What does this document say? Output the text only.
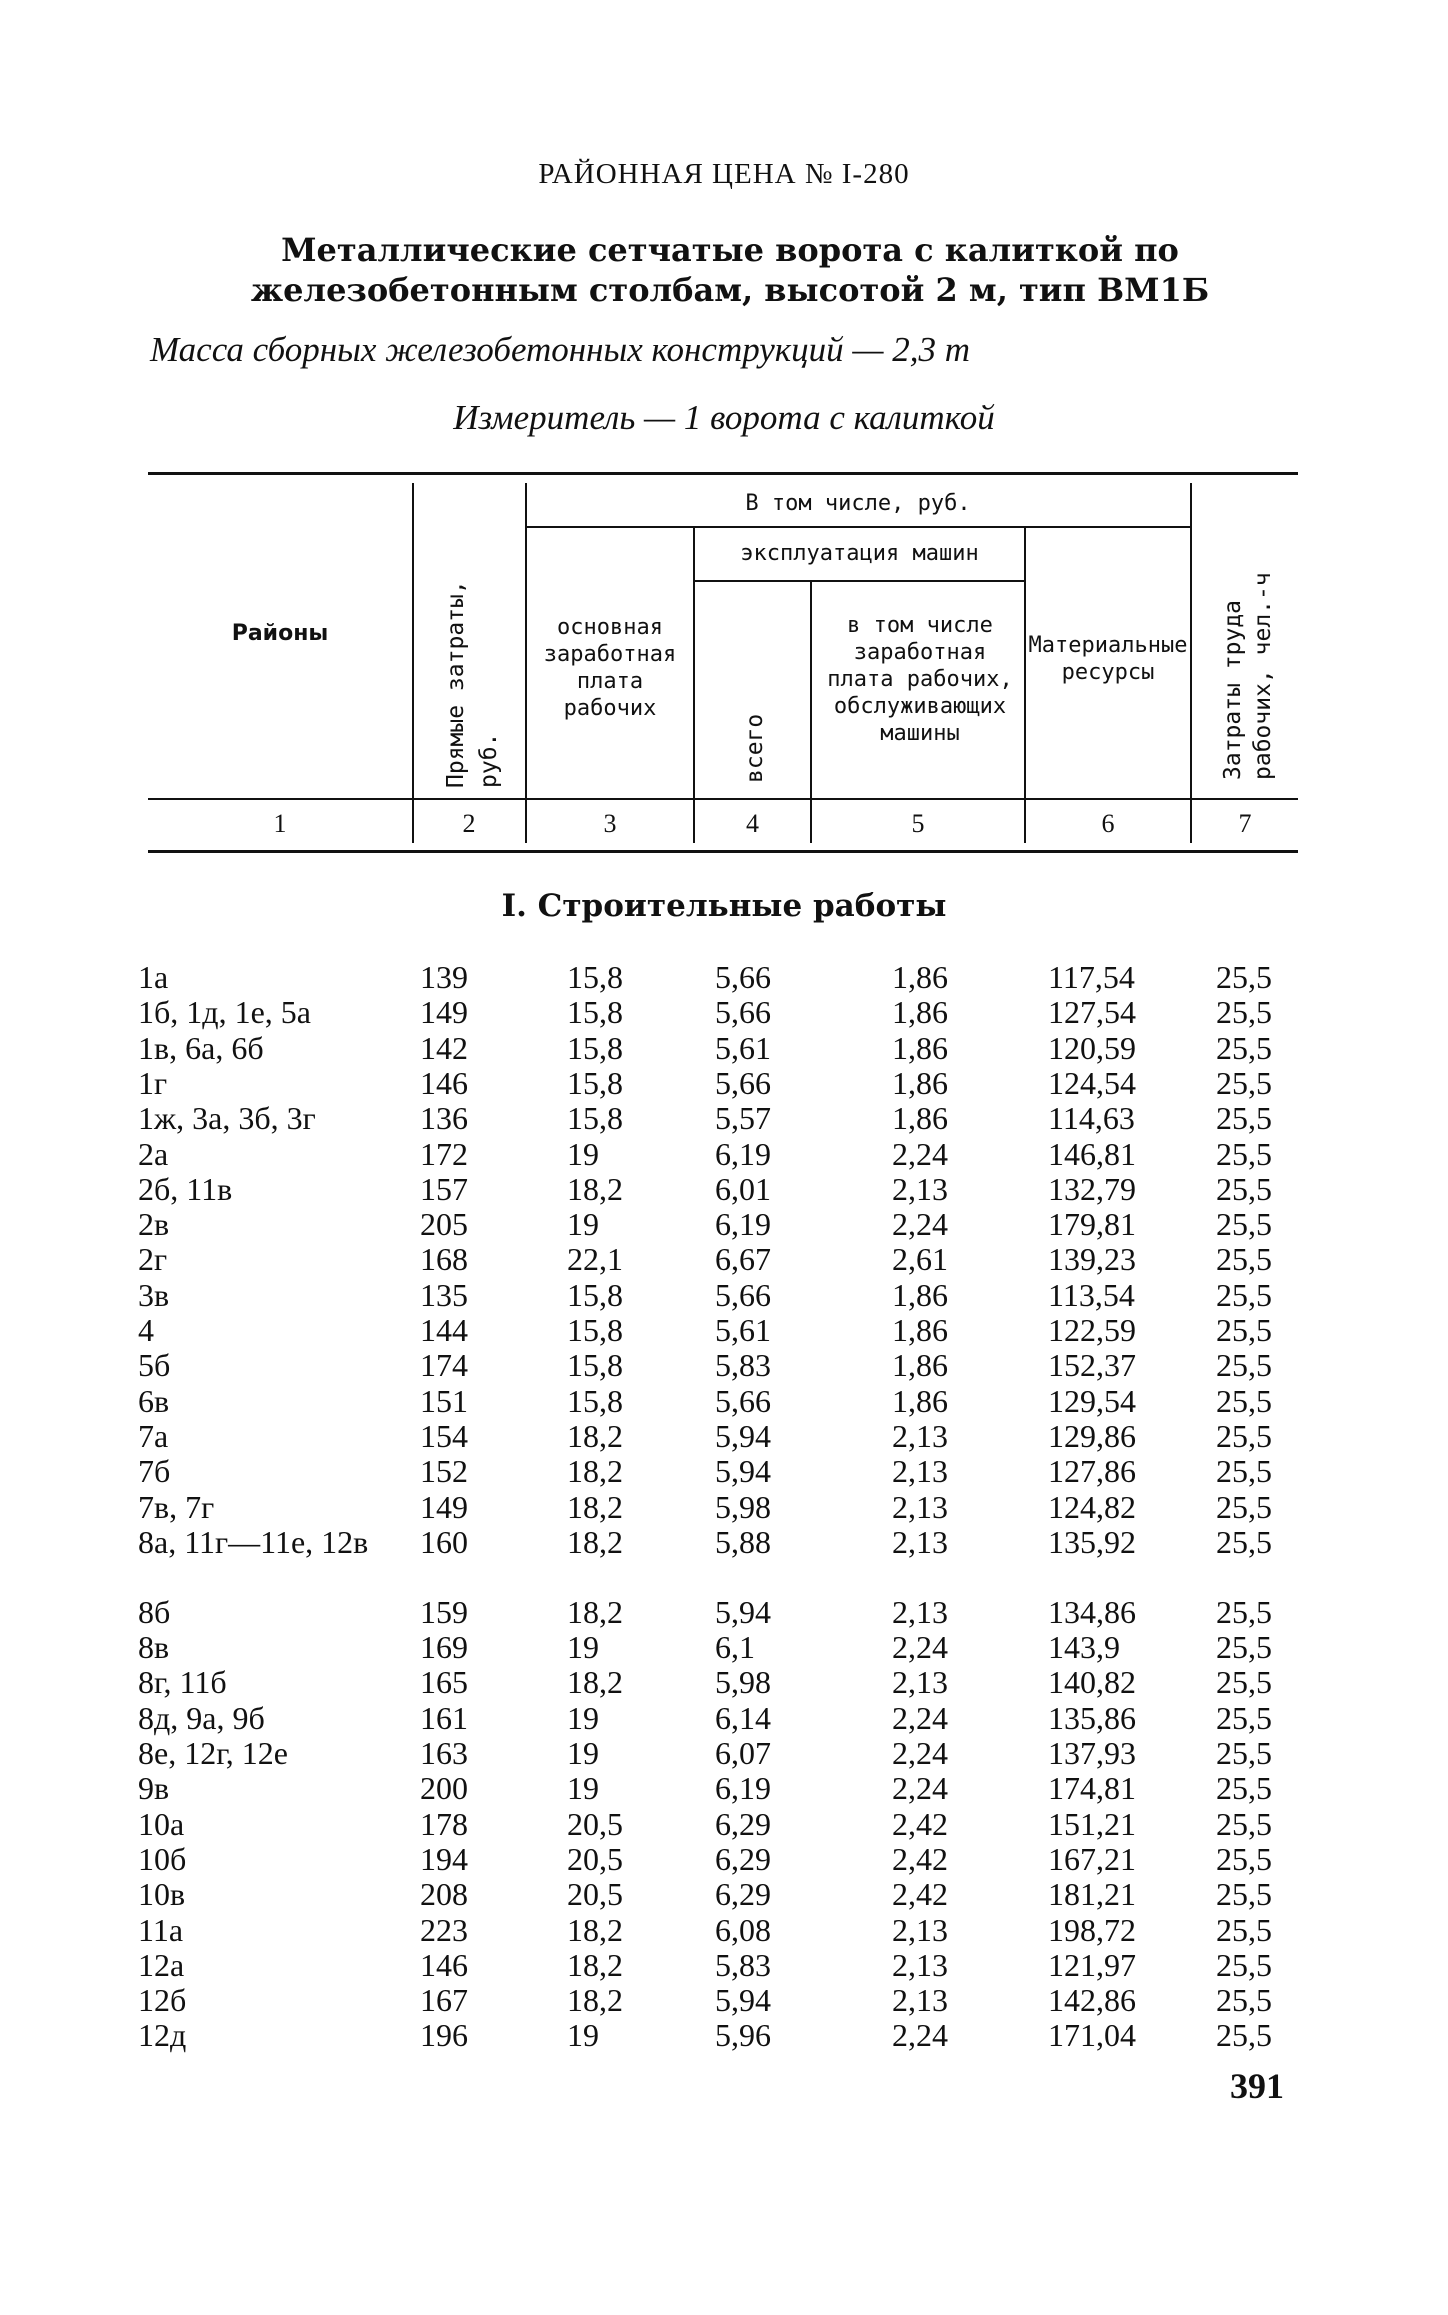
РАЙОННАЯ ЦЕНА № I-280
Металлические сетчатые ворота с калиткой по железобетонным столбам, высотой 2 м, тип ВМ1Б
Масса сборных железобетонных конструкций — 2,3 т
Измеритель — 1 ворота с калиткой
Районы	Прямые затраты, руб.
В том числе, руб.
основная заработная плата рабочих
эксплуатация машин
всего
в том числе заработная плата рабочих, обслуживающих машины
Материальные ресурсы	Затраты труда рабочих, чел.-ч
1	2	3	4	5	6	7
I. Строительные работы
1а	139	15,8	5,66	1,86	117,54	25,5
1б, 1д, 1е, 5а	149	15,8	5,66	1,86	127,54	25,5
1в, 6а, 6б	142	15,8	5,61	1,86	120,59	25,5
1г	146	15,8	5,66	1,86	124,54	25,5
1ж, 3а, 3б, 3г	136	15,8	5,57	1,86	114,63	25,5
2а	172	19	6,19	2,24	146,81	25,5
2б, 11в	157	18,2	6,01	2,13	132,79	25,5
2в	205	19	6,19	2,24	179,81	25,5
2г	168	22,1	6,67	2,61	139,23	25,5
3в	135	15,8	5,66	1,86	113,54	25,5
4	144	15,8	5,61	1,86	122,59	25,5
5б	174	15,8	5,83	1,86	152,37	25,5
6в	151	15,8	5,66	1,86	129,54	25,5
7а	154	18,2	5,94	2,13	129,86	25,5
7б	152	18,2	5,94	2,13	127,86	25,5
7в, 7г	149	18,2	5,98	2,13	124,82	25,5
8а, 11г—11е, 12в	160	18,2	5,88	2,13	135,92	25,5
8б	159	18,2	5,94	2,13	134,86	25,5
8в	169	19	6,1	2,24	143,9	25,5
8г, 11б	165	18,2	5,98	2,13	140,82	25,5
8д, 9а, 9б	161	19	6,14	2,24	135,86	25,5
8е, 12г, 12е	163	19	6,07	2,24	137,93	25,5
9в	200	19	6,19	2,24	174,81	25,5
10а	178	20,5	6,29	2,42	151,21	25,5
10б	194	20,5	6,29	2,42	167,21	25,5
10в	208	20,5	6,29	2,42	181,21	25,5
11а	223	18,2	6,08	2,13	198,72	25,5
12а	146	18,2	5,83	2,13	121,97	25,5
12б	167	18,2	5,94	2,13	142,86	25,5
12д	196	19	5,96	2,24	171,04	25,5
391
